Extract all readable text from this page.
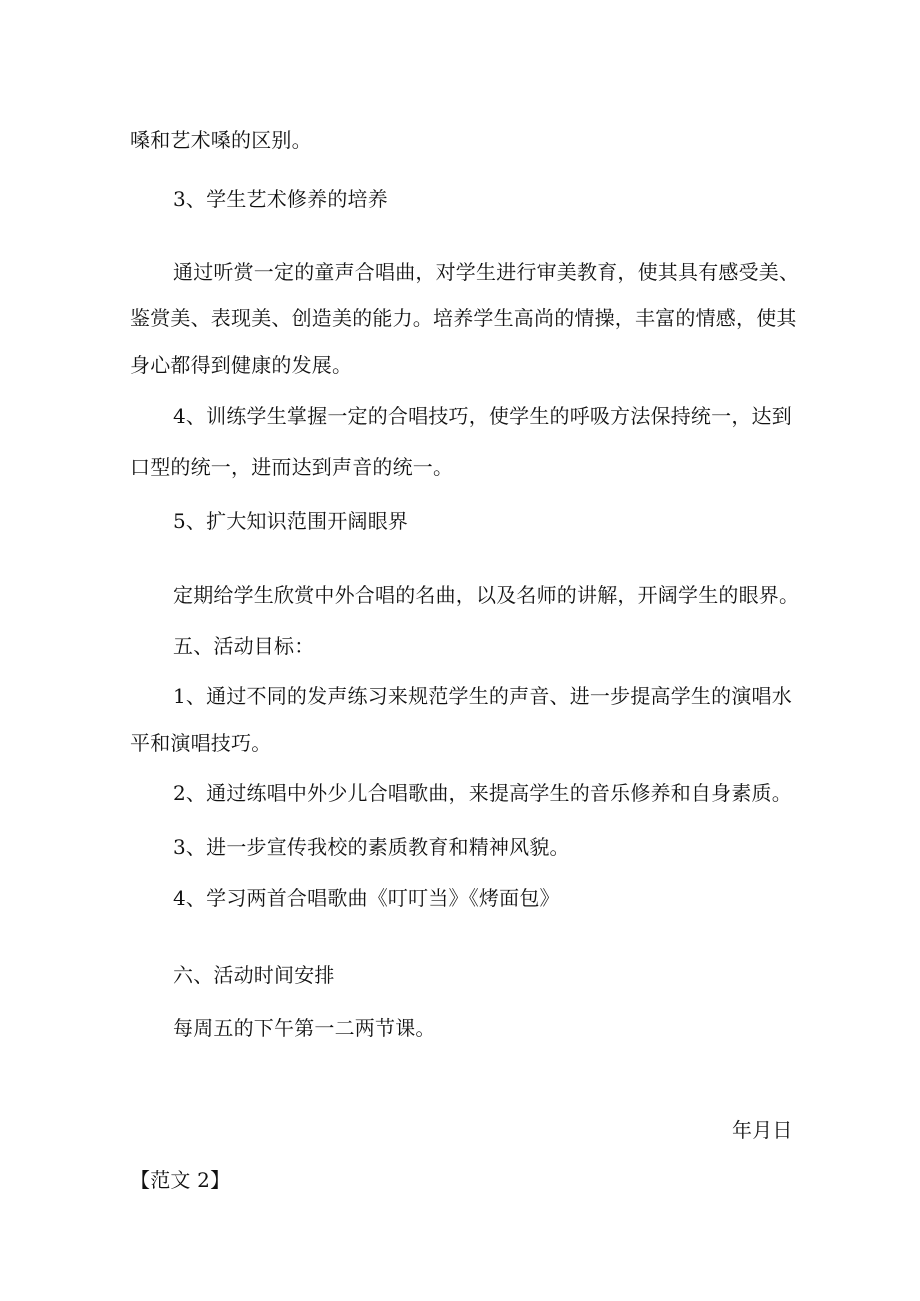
嗓和艺术嗓的区别。
3、学生艺术修养的培养
通过听赏一定的童声合唱曲，对学生进行审美教育，使其具有感受美、
鉴赏美、表现美、创造美的能力。培养学生高尚的情操，丰富的情感，使其
身心都得到健康的发展。
4、训练学生掌握一定的合唱技巧，使学生的呼吸方法保持统一，达到
口型的统一，进而达到声音的统一。
5、扩大知识范围开阔眼界
定期给学生欣赏中外合唱的名曲，以及名师的讲解，开阔学生的眼界。
五、活动目标：
1、通过不同的发声练习来规范学生的声音、进一步提高学生的演唱水
平和演唱技巧。
2、通过练唱中外少儿合唱歌曲，来提高学生的音乐修养和自身素质。
3、进一步宣传我校的素质教育和精神风貌。
4、学习两首合唱歌曲《叮叮当》《烤面包》
六、活动时间安排
每周五的下午第一二两节课。
年月日
【范文 2】
